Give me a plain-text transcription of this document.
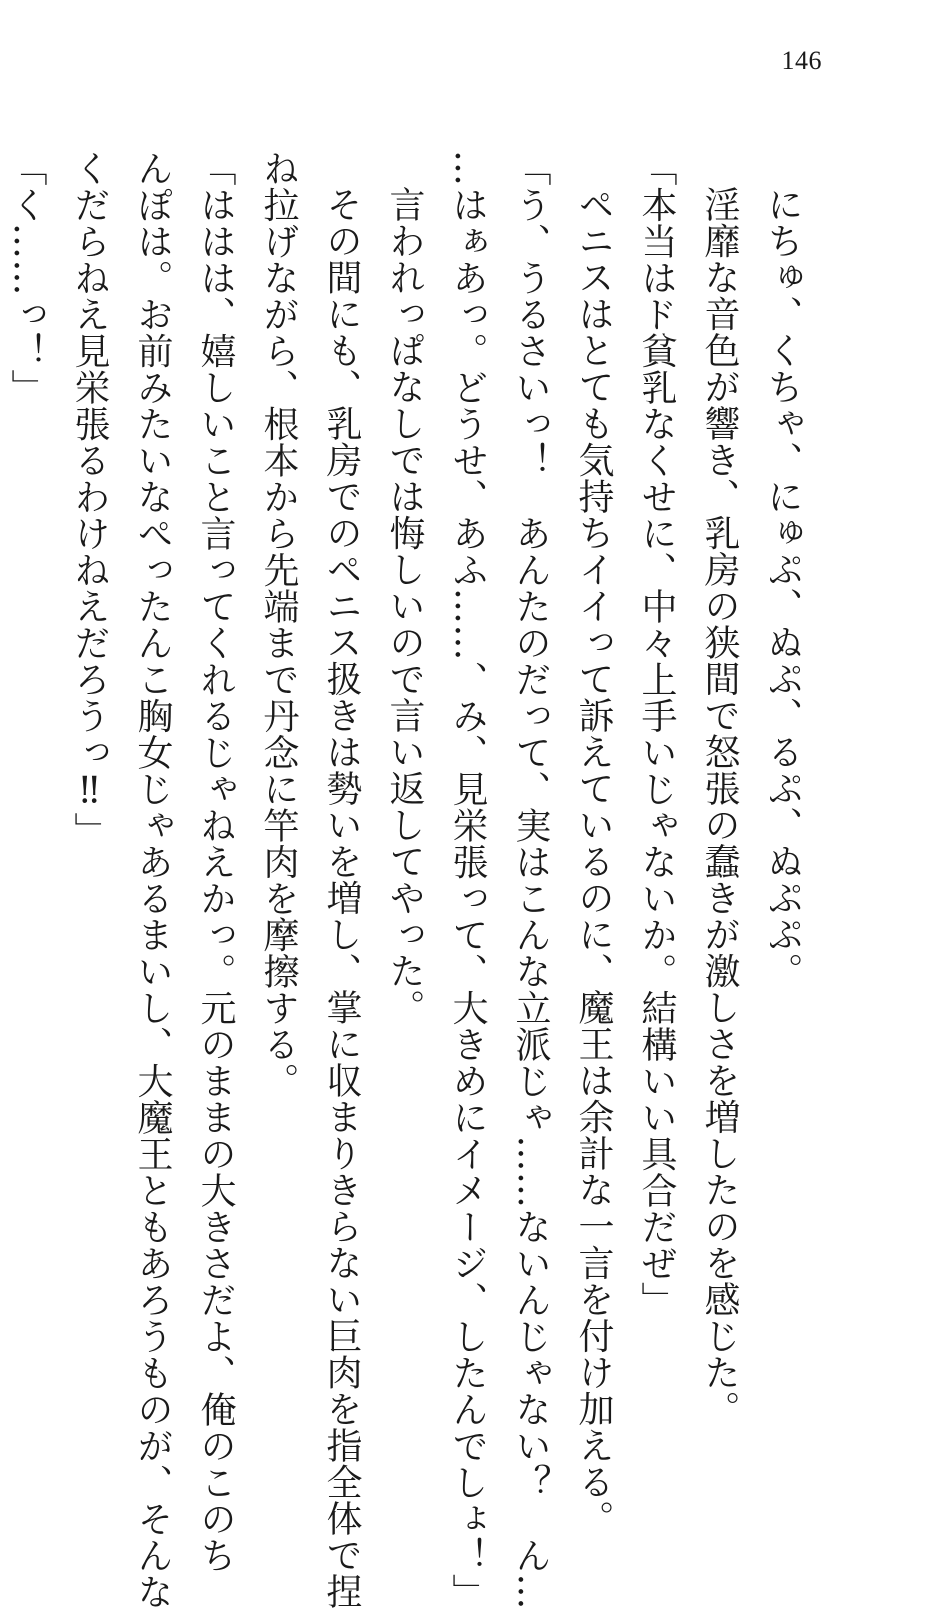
146

にちゅ、くちゃ、にゅぷ、ぬぷ、るぷ、ぬぷぷ。

淫靡な音色が響き、乳房の狭間で怒張の蠢きが激しさを増したのを感じた。

「本当はド貧乳なくせに、中々上手いじゃないか。結構いい具合だぜ」

ペニスはとても気持ちイイって訴えているのに、魔王は余計な一言を付け加える。

「う、うるさいっ！　あんたのだって、実はこんな立派じゃ……ないんじゃない？　ん…

…はぁあっ。どうせ、あふ……、み、見栄張って、大きめにイメージ、したんでしょ！」

言われっぱなしでは悔しいので言い返してやった。

その間にも、乳房でのペニス扱きは勢いを増し、掌に収まりきらない巨肉を指全体で捏

ね拉げながら、根本から先端まで丹念に竿肉を摩擦する。

「ははは、嬉しいこと言ってくれるじゃねえかっ。元のままの大きさだよ、俺のこのち

んぽは。お前みたいなぺったんこ胸女じゃあるまいし、大魔王ともあろうものが、そんな

くだらねえ見栄張るわけねえだろうっ‼」

「く……っ！」
